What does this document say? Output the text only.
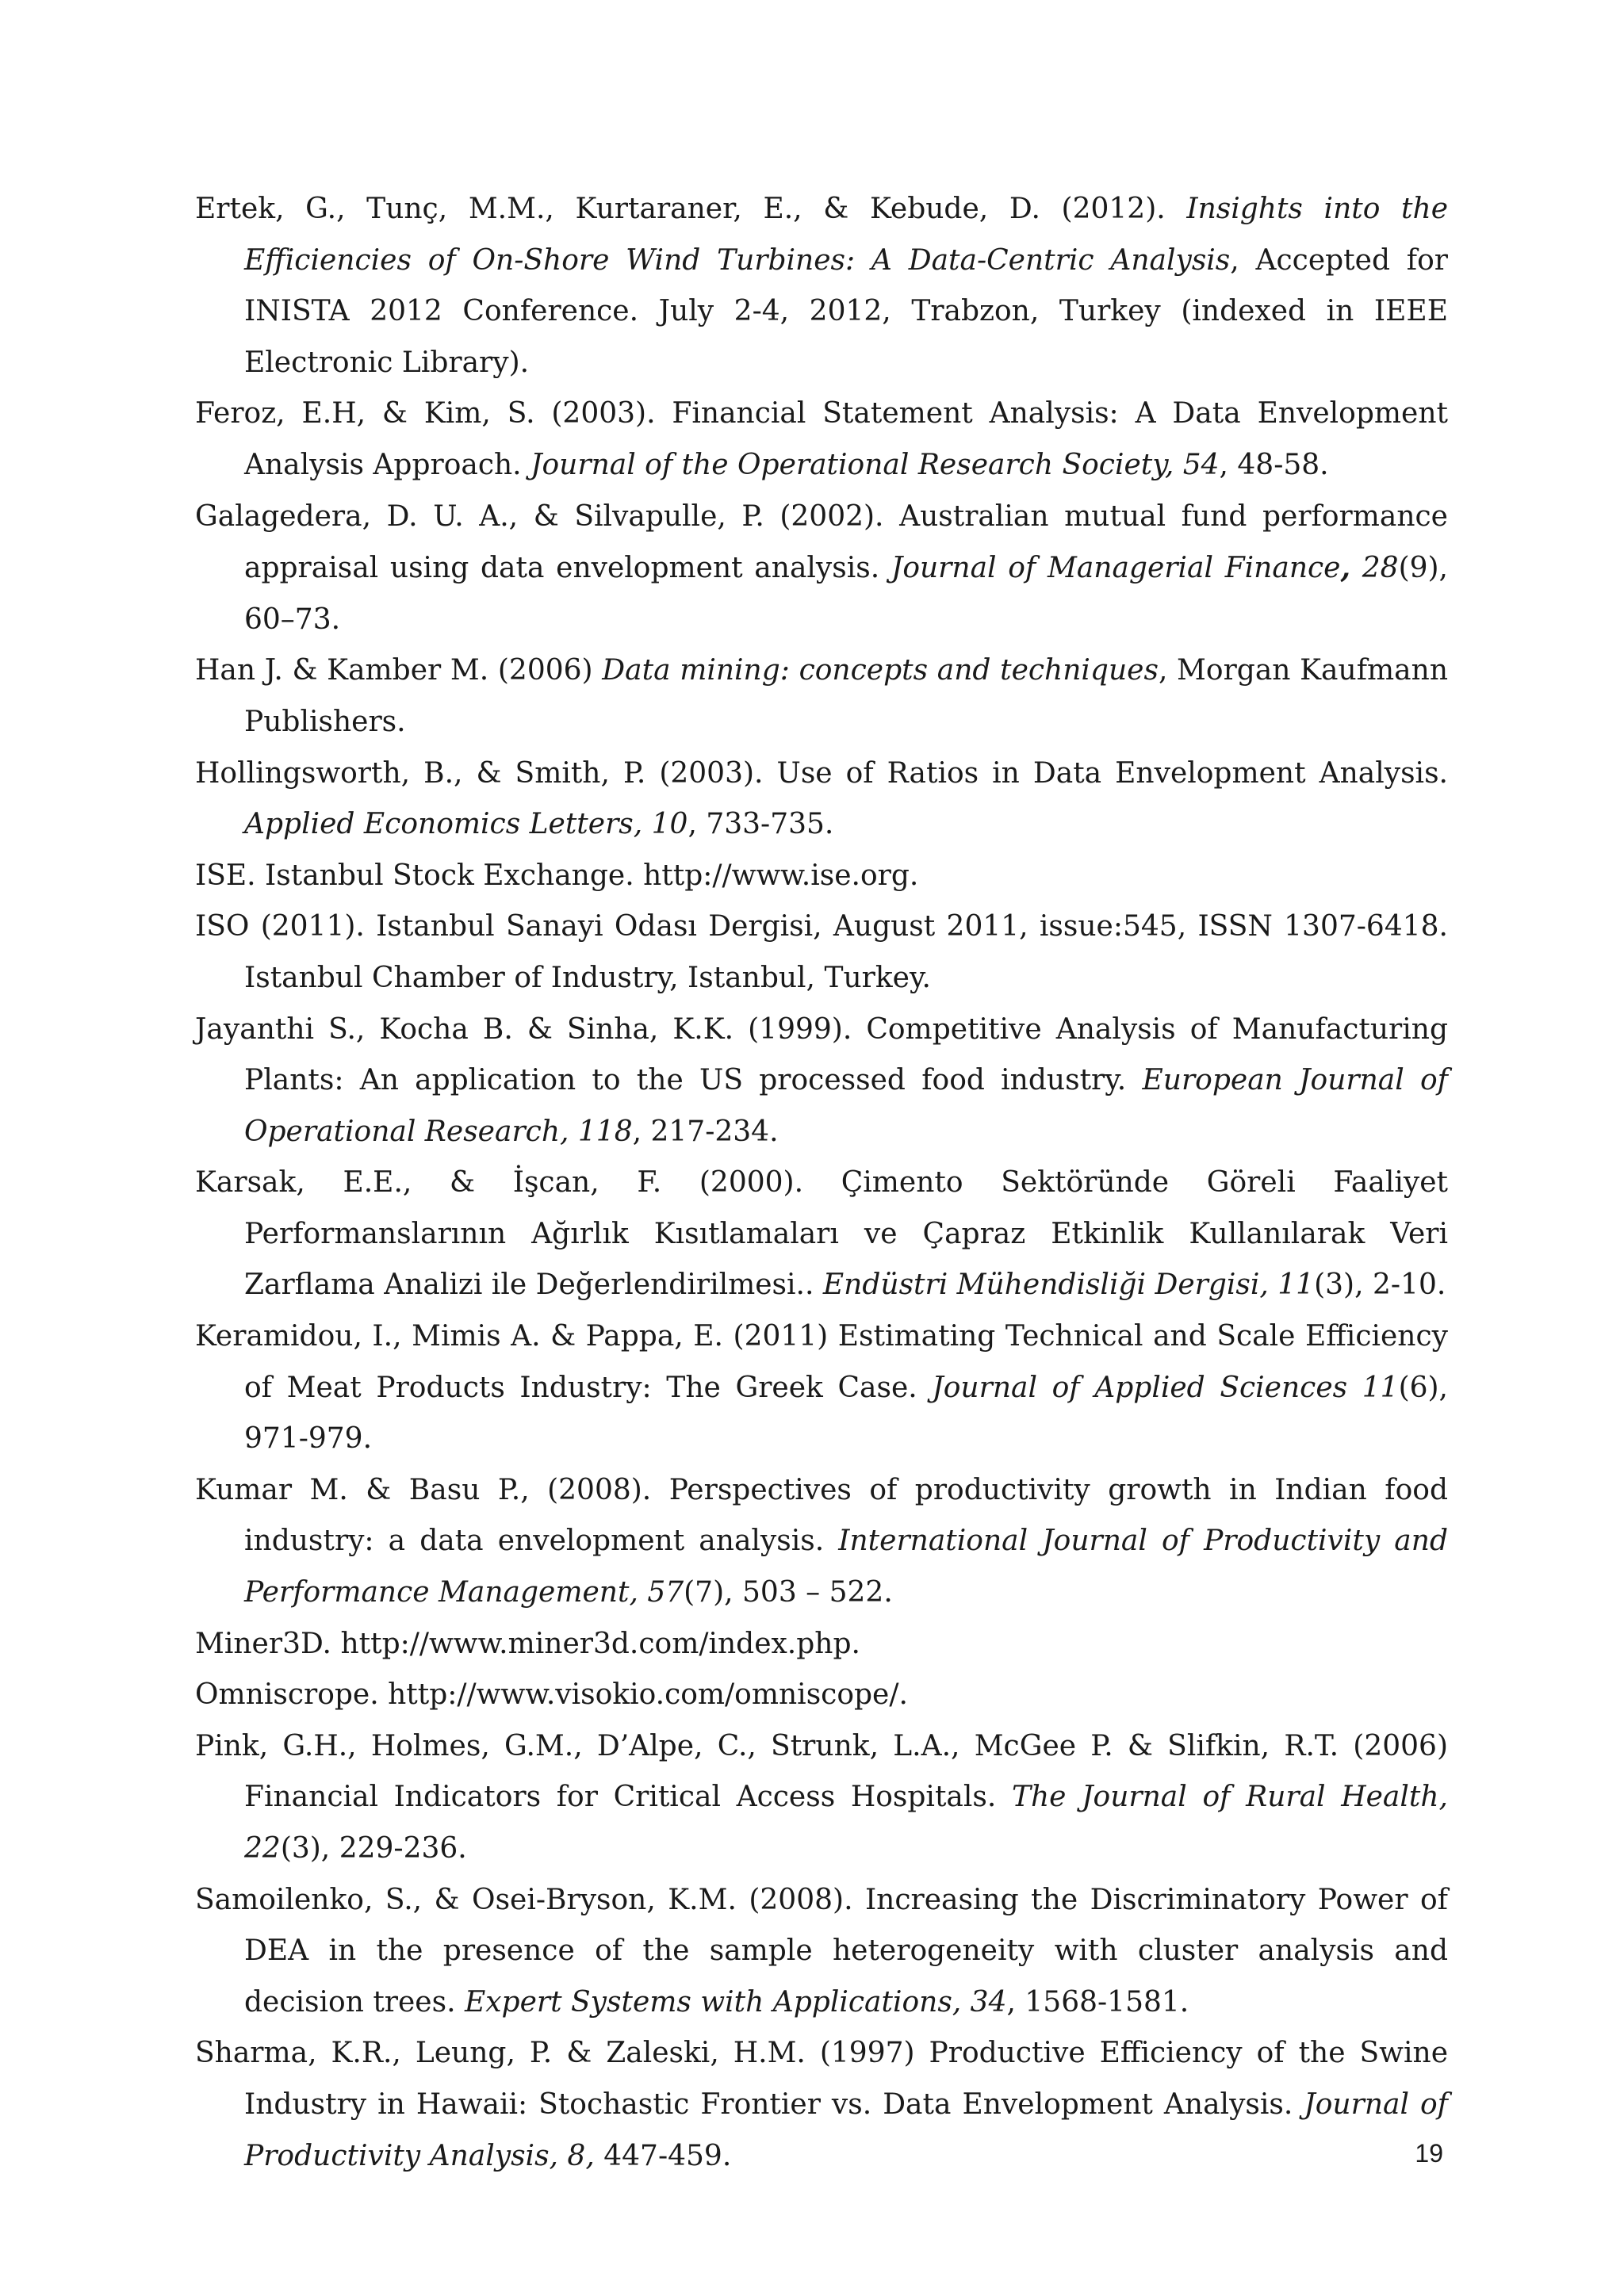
Ertek, G., Tunç, M.M., Kurtaraner, E., & Kebude, D. (2012). Insights into the Efficiencies of On-Shore Wind Turbines: A Data-Centric Analysis, Accepted for INISTA 2012 Conference. July 2-4, 2012, Trabzon, Turkey (indexed in IEEE Electronic Library).
Feroz, E.H, & Kim, S. (2003). Financial Statement Analysis: A Data Envelopment Analysis Approach. Journal of the Operational Research Society, 54, 48-58.
Galagedera, D. U. A., & Silvapulle, P. (2002). Australian mutual fund performance appraisal using data envelopment analysis. Journal of Managerial Finance, 28(9), 60–73.
Han J. & Kamber M. (2006) Data mining: concepts and techniques, Morgan Kaufmann Publishers.
Hollingsworth, B., & Smith, P. (2003). Use of Ratios in Data Envelopment Analysis. Applied Economics Letters, 10, 733-735.
ISE. Istanbul Stock Exchange. http://www.ise.org.
ISO (2011). Istanbul Sanayi Odası Dergisi, August 2011, issue:545, ISSN 1307-6418. Istanbul Chamber of Industry, Istanbul, Turkey.
Jayanthi S., Kocha B. & Sinha, K.K. (1999). Competitive Analysis of Manufacturing Plants: An application to the US processed food industry. European Journal of Operational Research, 118, 217-234.
Karsak, E.E., & İşcan, F. (2000). Çimento Sektöründe Göreli Faaliyet Performanslarının Ağırlık Kısıtlamaları ve Çapraz Etkinlik Kullanılarak Veri Zarflama Analizi ile Değerlendirilmesi.. Endüstri Mühendisliği Dergisi, 11(3), 2-10.
Keramidou, I., Mimis A. & Pappa, E. (2011) Estimating Technical and Scale Efficiency of Meat Products Industry: The Greek Case. Journal of Applied Sciences 11(6), 971-979.
Kumar M. & Basu P., (2008). Perspectives of productivity growth in Indian food industry: a data envelopment analysis. International Journal of Productivity and Performance Management, 57(7), 503 – 522.
Miner3D. http://www.miner3d.com/index.php.
Omniscrope. http://www.visokio.com/omniscope/.
Pink, G.H., Holmes, G.M., D’Alpe, C., Strunk, L.A., McGee P. & Slifkin, R.T. (2006) Financial Indicators for Critical Access Hospitals. The Journal of Rural Health, 22(3), 229-236.
Samoilenko, S., & Osei-Bryson, K.M. (2008). Increasing the Discriminatory Power of DEA in the presence of the sample heterogeneity with cluster analysis and decision trees. Expert Systems with Applications, 34, 1568-1581.
Sharma, K.R., Leung, P. & Zaleski, H.M. (1997) Productive Efficiency of the Swine Industry in Hawaii: Stochastic Frontier vs. Data Envelopment Analysis. Journal of Productivity Analysis, 8, 447-459.	19
